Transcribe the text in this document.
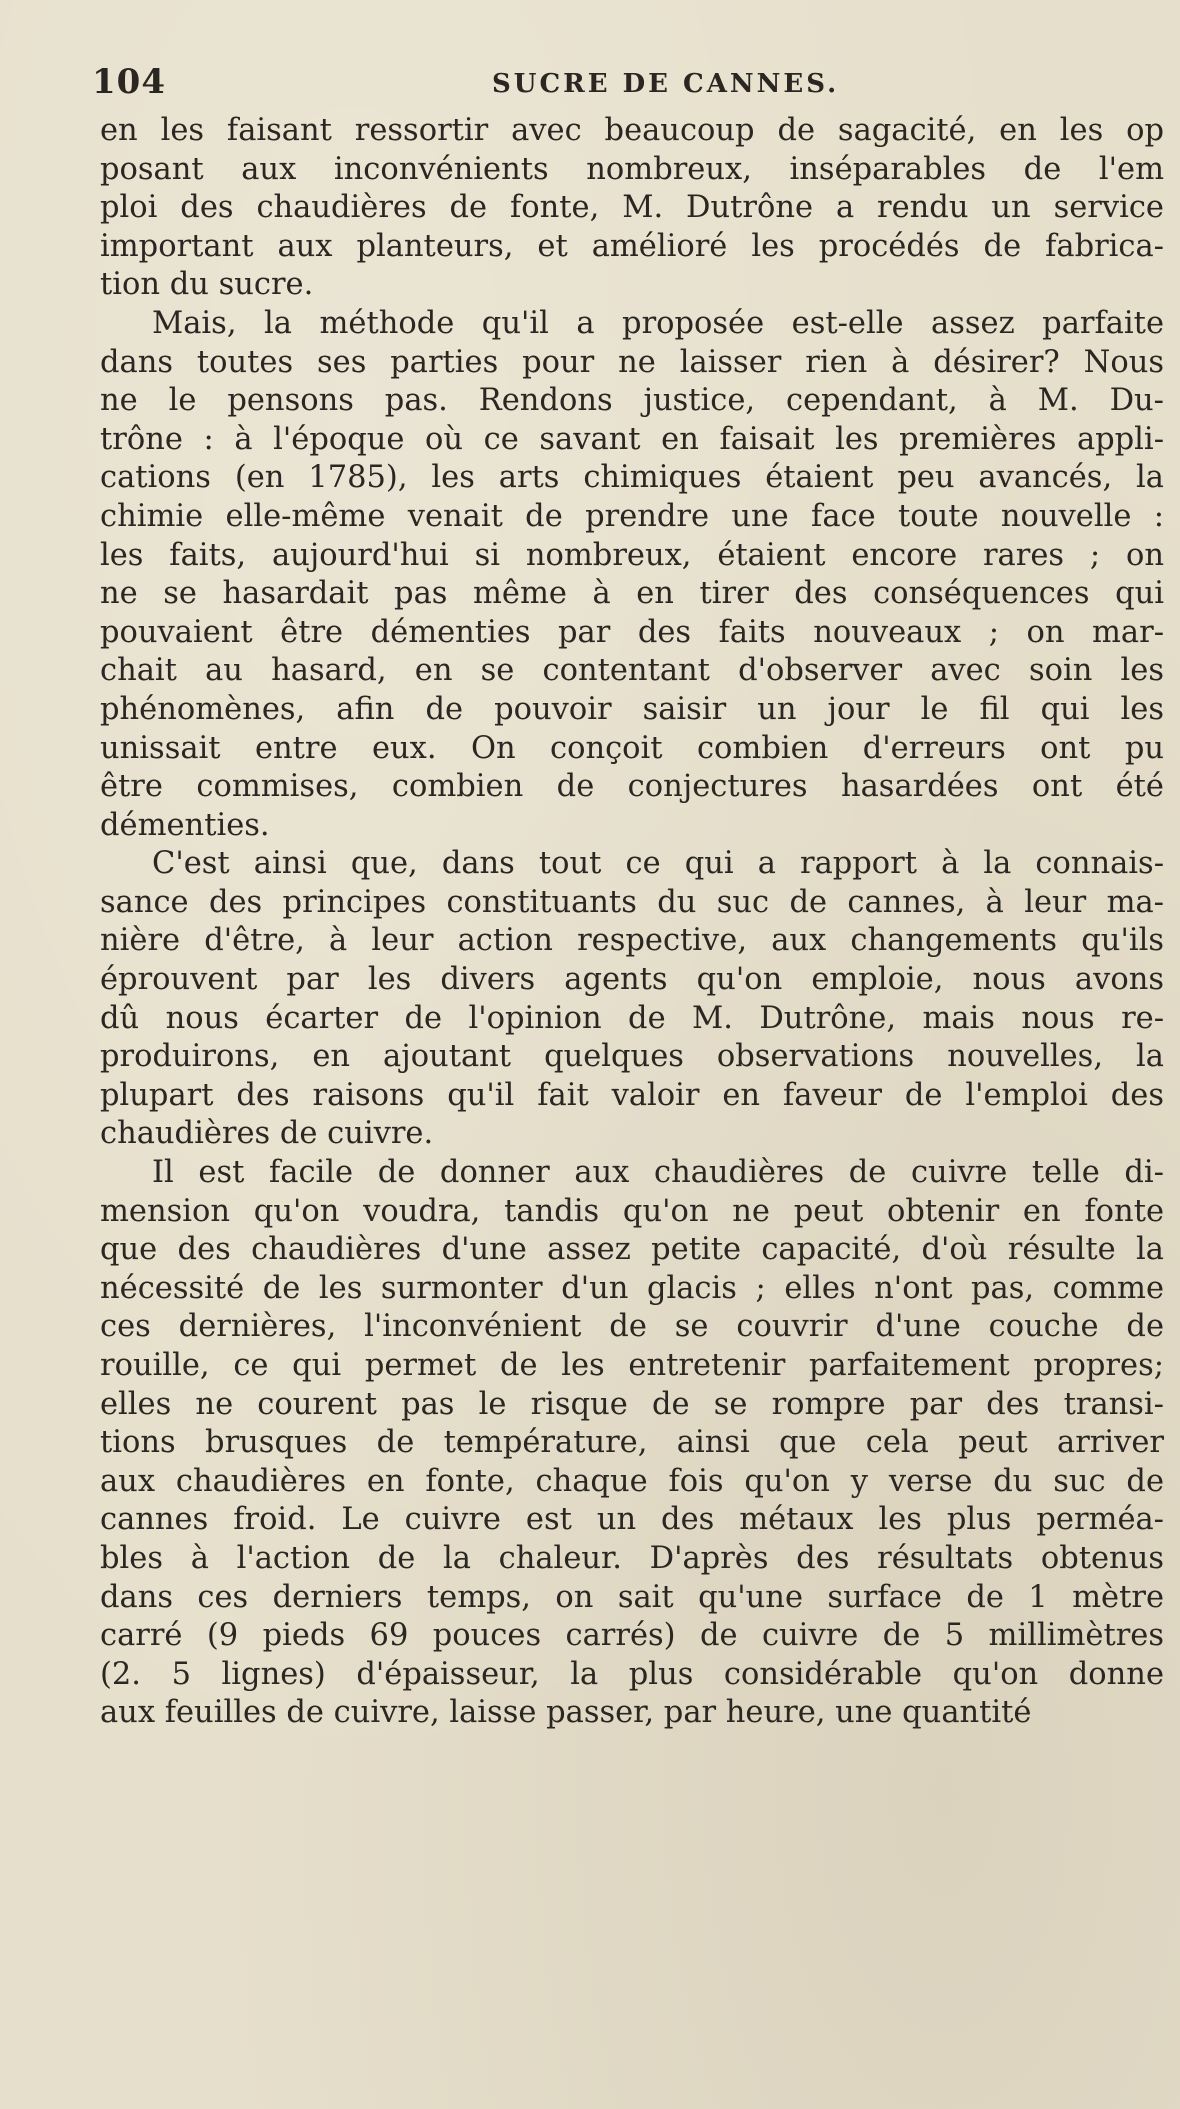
104	SUCRE DE CANNES.
en les faisant ressortir avec beaucoup de sagacité, en les op
posant aux inconvénients nombreux, inséparables de l'em
ploi des chaudières de fonte, M. Dutrône a rendu un service
important aux planteurs, et amélioré les procédés de fabrica-
tion du sucre.
Mais, la méthode qu'il a proposée est-elle assez parfaite
dans toutes ses parties pour ne laisser rien à désirer? Nous
ne le pensons pas. Rendons justice, cependant, à M. Du-
trône : à l'époque où ce savant en faisait les premières appli-
cations (en 1785), les arts chimiques étaient peu avancés, la
chimie elle-même venait de prendre une face toute nouvelle :
les faits, aujourd'hui si nombreux, étaient encore rares ; on
ne se hasardait pas même à en tirer des conséquences qui
pouvaient être démenties par des faits nouveaux ; on mar-
chait au hasard, en se contentant d'observer avec soin les
phénomènes, afin de pouvoir saisir un jour le fil qui les
unissait entre eux. On conçoit combien d'erreurs ont pu
être commises, combien de conjectures hasardées ont été
démenties.
C'est ainsi que, dans tout ce qui a rapport à la connais-
sance des principes constituants du suc de cannes, à leur ma-
nière d'être, à leur action respective, aux changements qu'ils
éprouvent par les divers agents qu'on emploie, nous avons
dû nous écarter de l'opinion de M. Dutrône, mais nous re-
produirons, en ajoutant quelques observations nouvelles, la
plupart des raisons qu'il fait valoir en faveur de l'emploi des
chaudières de cuivre.
Il est facile de donner aux chaudières de cuivre telle di-
mension qu'on voudra, tandis qu'on ne peut obtenir en fonte
que des chaudières d'une assez petite capacité, d'où résulte la
nécessité de les surmonter d'un glacis ; elles n'ont pas, comme
ces dernières, l'inconvénient de se couvrir d'une couche de
rouille, ce qui permet de les entretenir parfaitement propres;
elles ne courent pas le risque de se rompre par des transi-
tions brusques de température, ainsi que cela peut arriver
aux chaudières en fonte, chaque fois qu'on y verse du suc de
cannes froid. Le cuivre est un des métaux les plus perméa-
bles à l'action de la chaleur. D'après des résultats obtenus
dans ces derniers temps, on sait qu'une surface de 1 mètre
carré (9 pieds 69 pouces carrés) de cuivre de 5 millimètres
(2. 5 lignes) d'épaisseur, la plus considérable qu'on donne
aux feuilles de cuivre, laisse passer, par heure, une quantité
